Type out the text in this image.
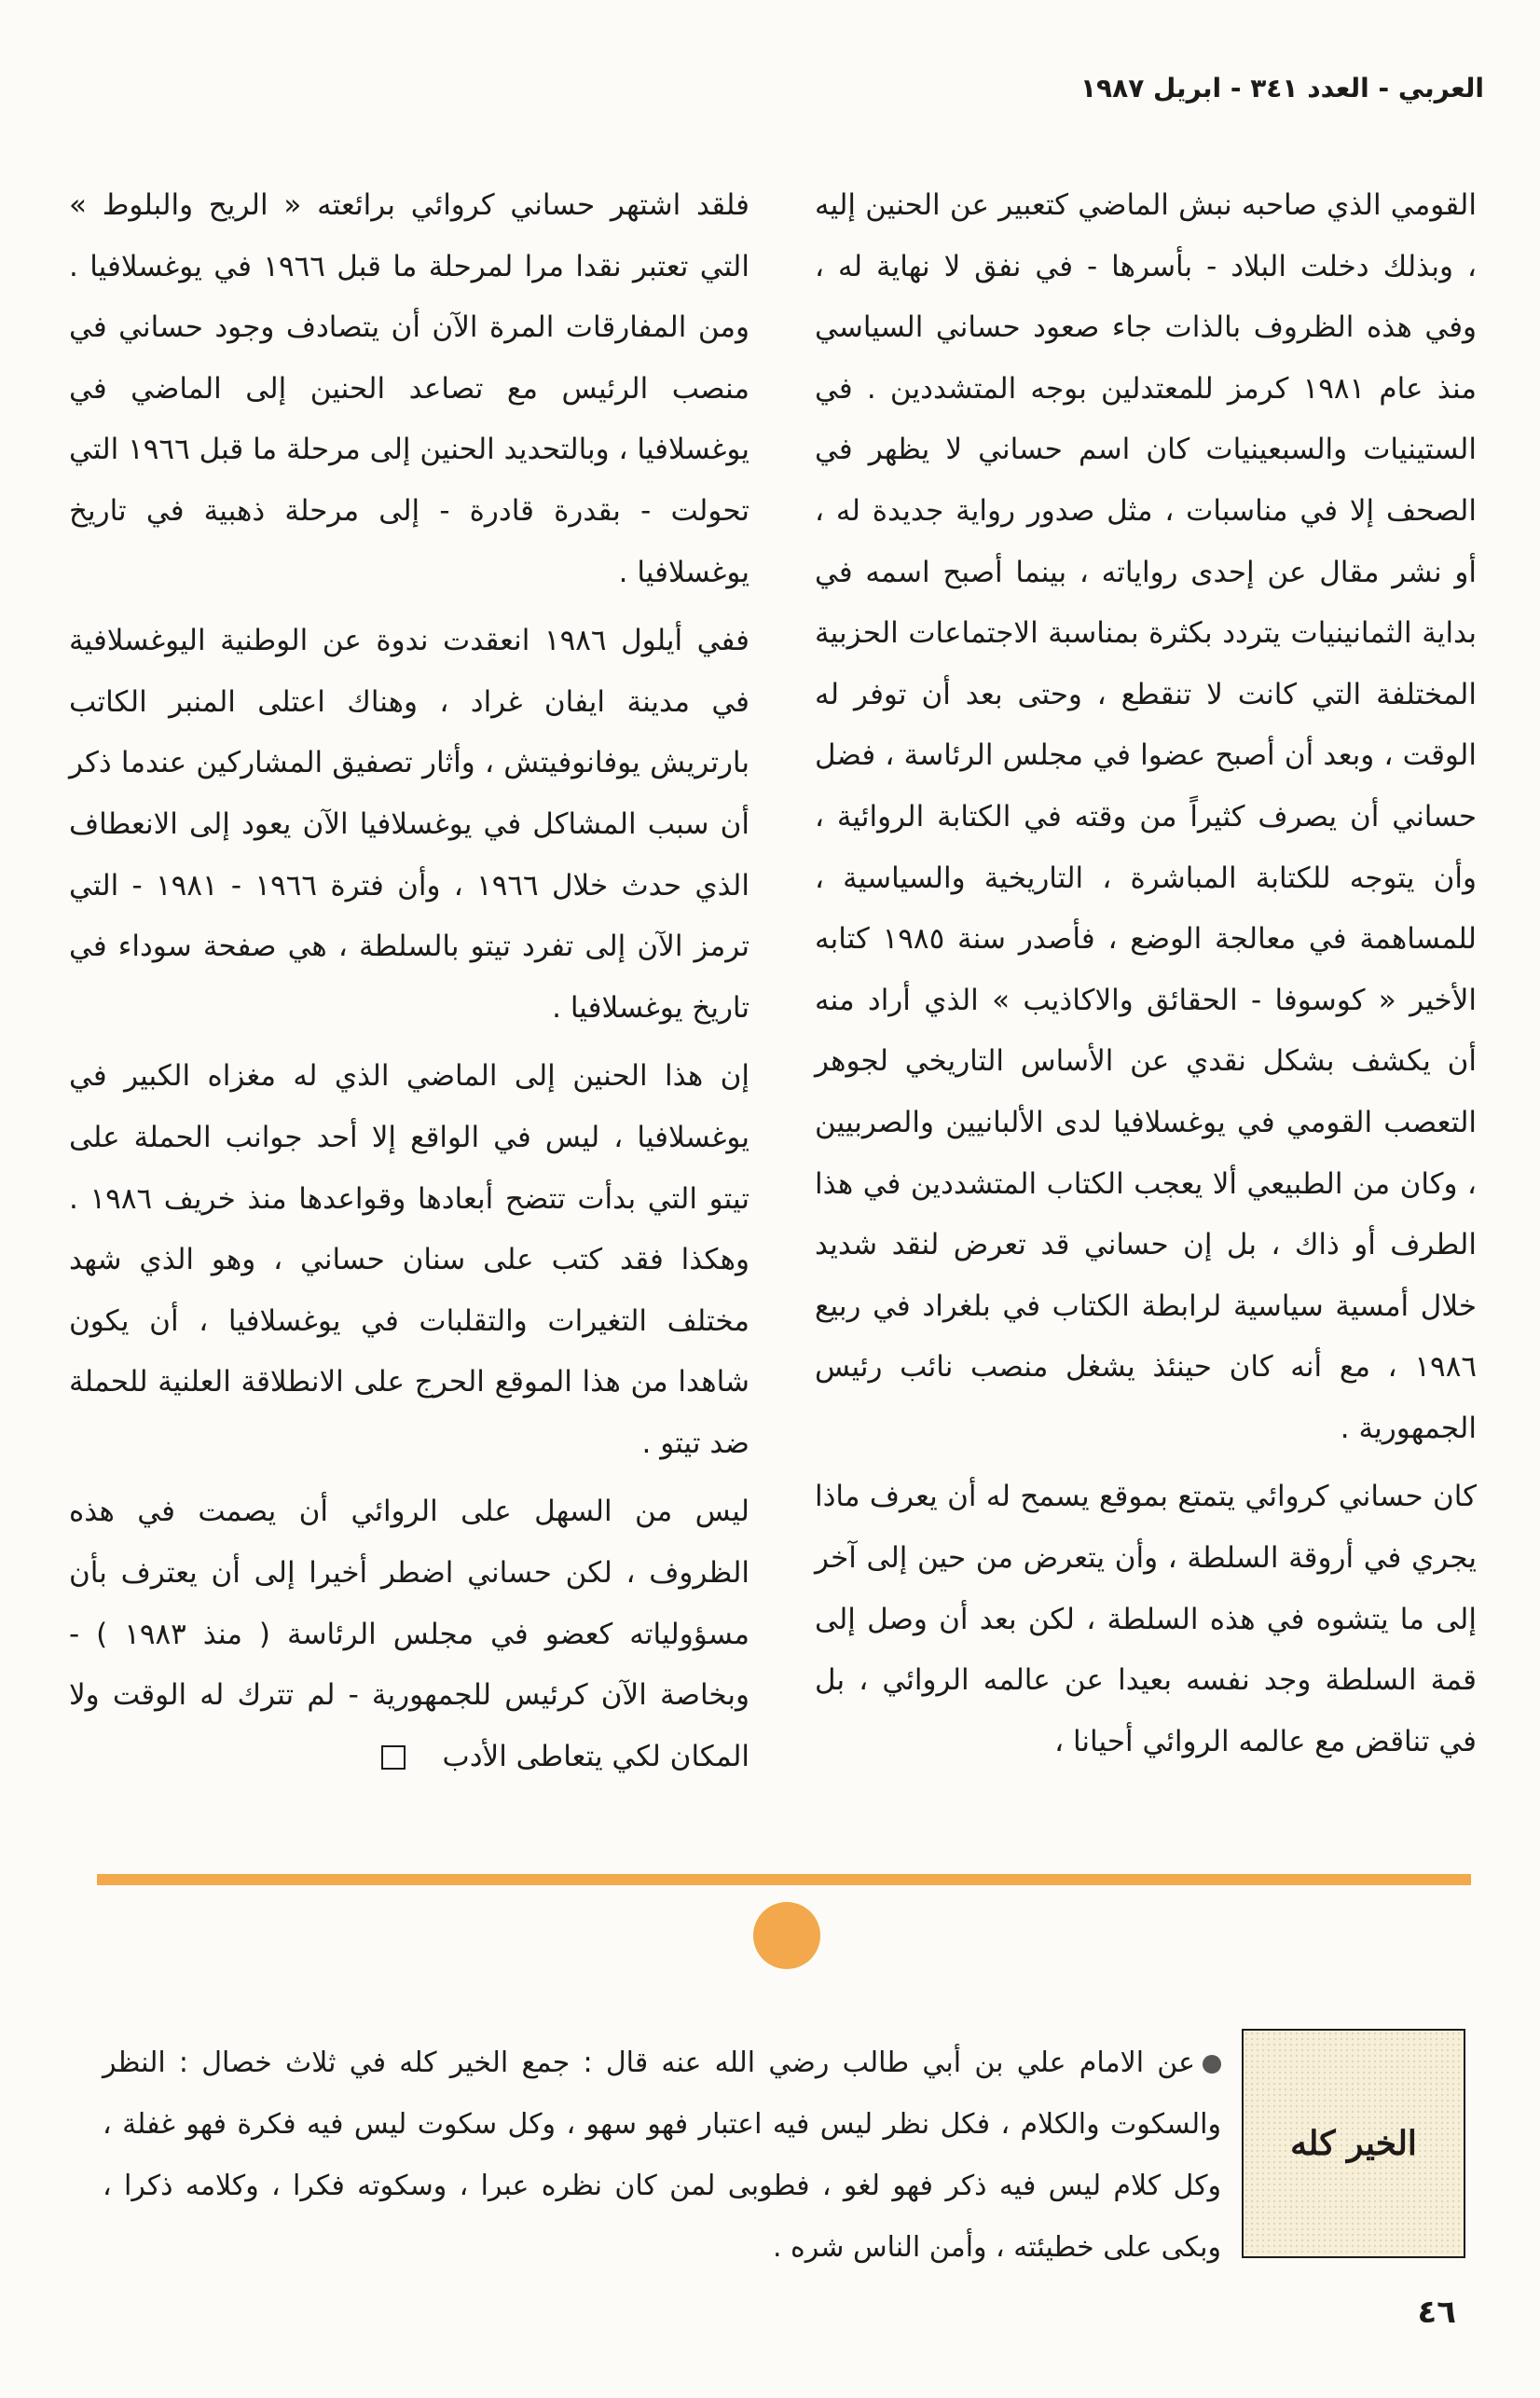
العربي - العدد ٣٤١ - ابريل ١٩٨٧

القومي الذي صاحبه نبش الماضي كتعبير عن الحنين إليه ، وبذلك دخلت البلاد - بأسرها - في نفق لا نهاية له ، وفي هذه الظروف بالذات جاء صعود حساني السياسي منذ عام ١٩٨١ كرمز للمعتدلين بوجه المتشددين . في الستينيات والسبعينيات كان اسم حساني لا يظهر في الصحف إلا في مناسبات ، مثل صدور رواية جديدة له ، أو نشر مقال عن إحدى رواياته ، بينما أصبح اسمه في بداية الثمانينيات يتردد بكثرة بمناسبة الاجتماعات الحزبية المختلفة التي كانت لا تنقطع ، وحتى بعد أن توفر له الوقت ، وبعد أن أصبح عضوا في مجلس الرئاسة ، فضل حساني أن يصرف كثيراً من وقته في الكتابة الروائية ، وأن يتوجه للكتابة المباشرة ، التاريخية والسياسية ، للمساهمة في معالجة الوضع ، فأصدر سنة ١٩٨٥ كتابه الأخير « كوسوفا - الحقائق والاكاذيب » الذي أراد منه أن يكشف بشكل نقدي عن الأساس التاريخي لجوهر التعصب القومي في يوغسلافيا لدى الألبانيين والصربيين ، وكان من الطبيعي ألا يعجب الكتاب المتشددين في هذا الطرف أو ذاك ، بل إن حساني قد تعرض لنقد شديد خلال أمسية سياسية لرابطة الكتاب في بلغراد في ربيع ١٩٨٦ ، مع أنه كان حينئذ يشغل منصب نائب رئيس الجمهورية .

كان حساني كروائي يتمتع بموقع يسمح له أن يعرف ماذا يجري في أروقة السلطة ، وأن يتعرض من حين إلى آخر إلى ما يتشوه في هذه السلطة ، لكن بعد أن وصل إلى قمة السلطة وجد نفسه بعيدا عن عالمه الروائي ، بل في تناقض مع عالمه الروائي أحيانا ،

فلقد اشتهر حساني كروائي برائعته « الريح والبلوط » التي تعتبر نقدا مرا لمرحلة ما قبل ١٩٦٦ في يوغسلافيا . ومن المفارقات المرة الآن أن يتصادف وجود حساني في منصب الرئيس مع تصاعد الحنين إلى الماضي في يوغسلافيا ، وبالتحديد الحنين إلى مرحلة ما قبل ١٩٦٦ التي تحولت - بقدرة قادرة - إلى مرحلة ذهبية في تاريخ يوغسلافيا .

ففي أيلول ١٩٨٦ انعقدت ندوة عن الوطنية اليوغسلافية في مدينة ايفان غراد ، وهناك اعتلى المنبر الكاتب بارتريش يوفانوفيتش ، وأثار تصفيق المشاركين عندما ذكر أن سبب المشاكل في يوغسلافيا الآن يعود إلى الانعطاف الذي حدث خلال ١٩٦٦ ، وأن فترة ١٩٦٦ - ١٩٨١ - التي ترمز الآن إلى تفرد تيتو بالسلطة ، هي صفحة سوداء في تاريخ يوغسلافيا .

إن هذا الحنين إلى الماضي الذي له مغزاه الكبير في يوغسلافيا ، ليس في الواقع إلا أحد جوانب الحملة على تيتو التي بدأت تتضح أبعادها وقواعدها منذ خريف ١٩٨٦ . وهكذا فقد كتب على سنان حساني ، وهو الذي شهد مختلف التغيرات والتقلبات في يوغسلافيا ، أن يكون شاهدا من هذا الموقع الحرج على الانطلاقة العلنية للحملة ضد تيتو .

ليس من السهل على الروائي أن يصمت في هذه الظروف ، لكن حساني اضطر أخيرا إلى أن يعترف بأن مسؤولياته كعضو في مجلس الرئاسة ( منذ ١٩٨٣ ) - وبخاصة الآن كرئيس للجمهورية - لم تترك له الوقت ولا المكان لكي يتعاطى الأدب

الخير كله
عن الامام علي بن أبي طالب رضي الله عنه قال : جمع الخير كله في ثلاث خصال : النظر والسكوت والكلام ، فكل نظر ليس فيه اعتبار فهو سهو ، وكل سكوت ليس فيه فكرة فهو غفلة ، وكل كلام ليس فيه ذكر فهو لغو ، فطوبى لمن كان نظره عبرا ، وسكوته فكرا ، وكلامه ذكرا ، وبكى على خطيئته ، وأمن الناس شره .
٤٦
